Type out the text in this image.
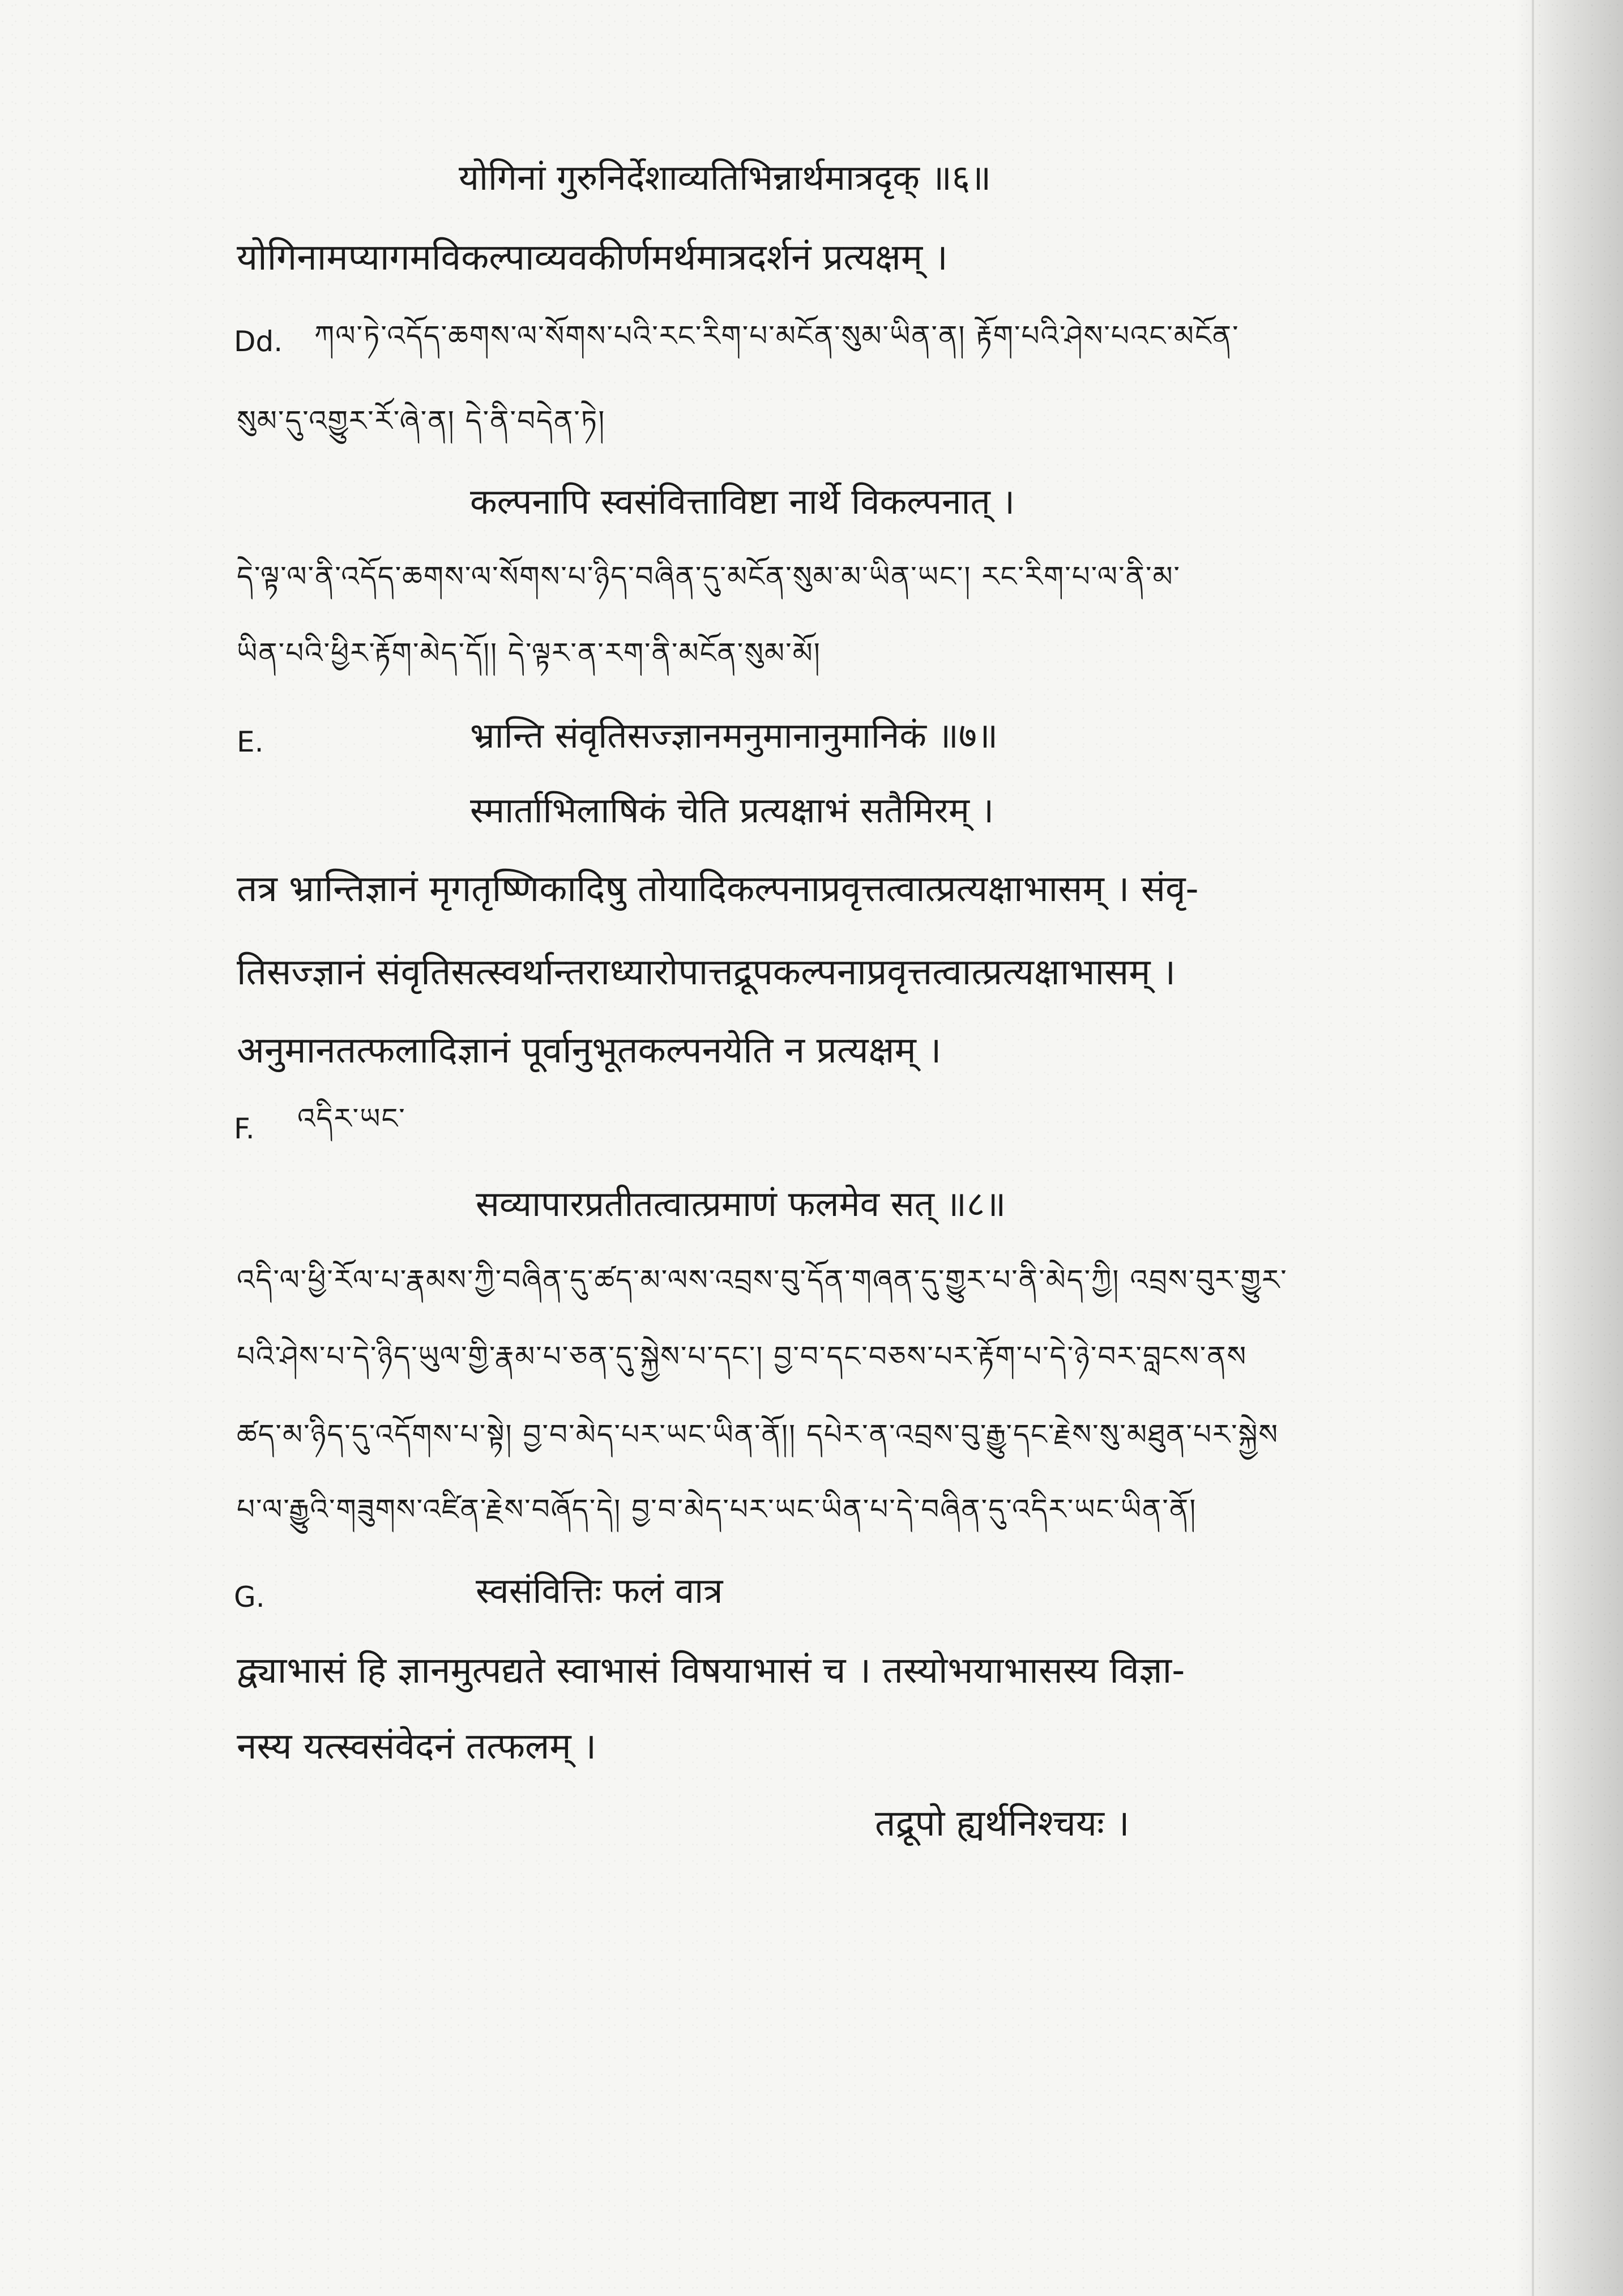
योगिनां गुरुनिर्देशाव्यतिभिन्नार्थमात्रदृक् ॥६॥
योगिनामप्यागमविकल्पाव्यवकीर्णमर्थमात्रदर्शनं प्रत्यक्षम् ।
Dd. ཀལ་ཏེ་འདོད་ཆགས་ལ་སོགས་པའི་རང་རིག་པ་མངོན་སུམ་ཡིན་ན། རྟོག་པའི་ཤེས་པའང་མངོན་
སུམ་དུ་འགྱུར་རོ་ཞེ་ན། དེ་ནི་བདེན་ཏེ།
कल्पनापि स्वसंवित्ताविष्टा नार्थे विकल्पनात् ।
དེ་ལྟ་ལ་ནི་འདོད་ཆགས་ལ་སོགས་པ་ཉིད་བཞིན་དུ་མངོན་སུམ་མ་ཡིན་ཡང་། རང་རིག་པ་ལ་ནི་མ་
ཡིན་པའི་ཕྱིར་རྟོག་མེད་དོ།། དེ་ལྟར་ན་རག་ནི་མངོན་སུམ་མོ།
E.	भ्रान्ति संवृतिसज्ज्ञानमनुमानानुमानिकं ॥७॥
स्मार्ताभिलाषिकं चेति प्रत्यक्षाभं सतैमिरम् ।
तत्र भ्रान्तिज्ञानं मृगतृष्णिकादिषु तोयादिकल्पनाप्रवृत्तत्वात्प्रत्यक्षाभासम् । संवृ-
तिसज्ज्ञानं संवृतिसत्स्वर्थान्तराध्यारोपात्तद्रूपकल्पनाप्रवृत्तत्वात्प्रत्यक्षाभासम् ।
अनुमानतत्फलादिज्ञानं पूर्वानुभूतकल्पनयेति न प्रत्यक्षम् ।
F. འདིར་ཡང་
सव्यापारप्रतीतत्वात्प्रमाणं फलमेव सत् ॥८॥
འདི་ལ་ཕྱི་རོལ་པ་རྣམས་ཀྱི་བཞིན་དུ་ཚད་མ་ལས་འབྲས་བུ་དོན་གཞན་དུ་གྱུར་པ་ནི་མེད་ཀྱི། འབྲས་བུར་གྱུར་
པའི་ཤེས་པ་དེ་ཉིད་ཡུལ་གྱི་རྣམ་པ་ཅན་དུ་སྐྱེས་པ་དང་། བྱ་བ་དང་བཅས་པར་རྟོག་པ་དེ་ཉེ་བར་བླངས་ནས
ཚད་མ་ཉིད་དུ་འདོགས་པ་སྟེ། བྱ་བ་མེད་པར་ཡང་ཡིན་ནོ།། དཔེར་ན་འབྲས་བུ་རྒྱུ་དང་རྗེས་སུ་མཐུན་པར་སྐྱེས
པ་ལ་རྒྱུའི་གཟུགས་འཛིན་རྗེས་བཞོད་དེ། བྱ་བ་མེད་པར་ཡང་ཡིན་པ་དེ་བཞིན་དུ་འདིར་ཡང་ཡིན་ནོ།
G.	स्वसंवित्तिः फलं वात्र
द्व्याभासं हि ज्ञानमुत्पद्यते स्वाभासं विषयाभासं च । तस्योभयाभासस्य विज्ञा-
नस्य यत्स्वसंवेदनं तत्फलम् ।
तद्रूपो ह्यर्थनिश्चयः ।
